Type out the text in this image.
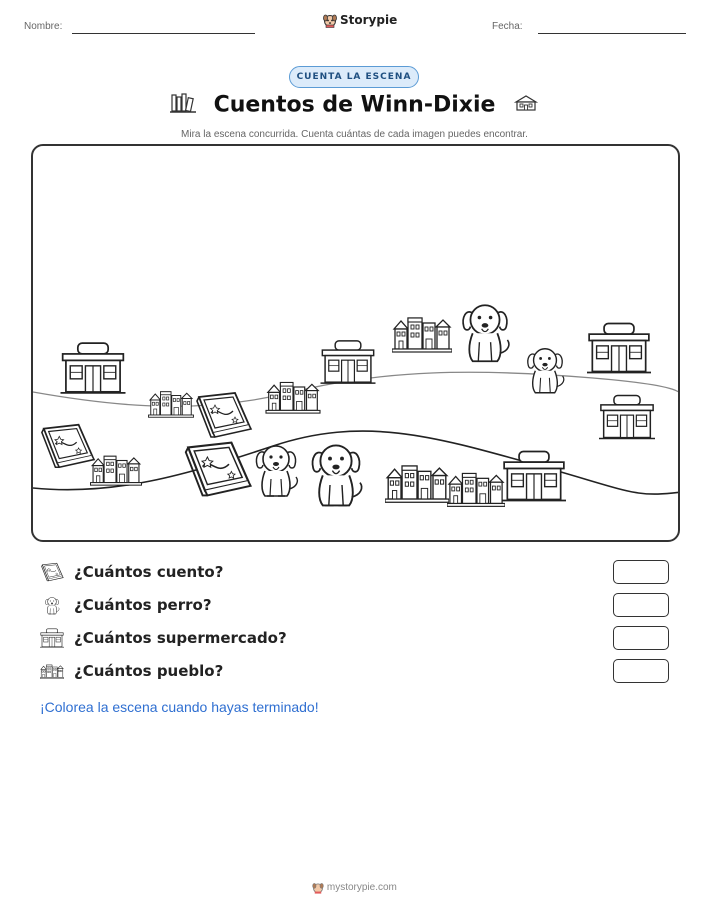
Nombre:	Storypie	Fecha:
CUENTA LA ESCENA
Cuentos de Winn-Dixie
Mira la escena concurrida. Cuenta cuántas de cada imagen puedes encontrar.
¿Cuántos cuento?
¿Cuántos perro?
¿Cuántos supermercado?
¿Cuántos pueblo?
¡Colorea la escena cuando hayas terminado!
mystorypie.com
